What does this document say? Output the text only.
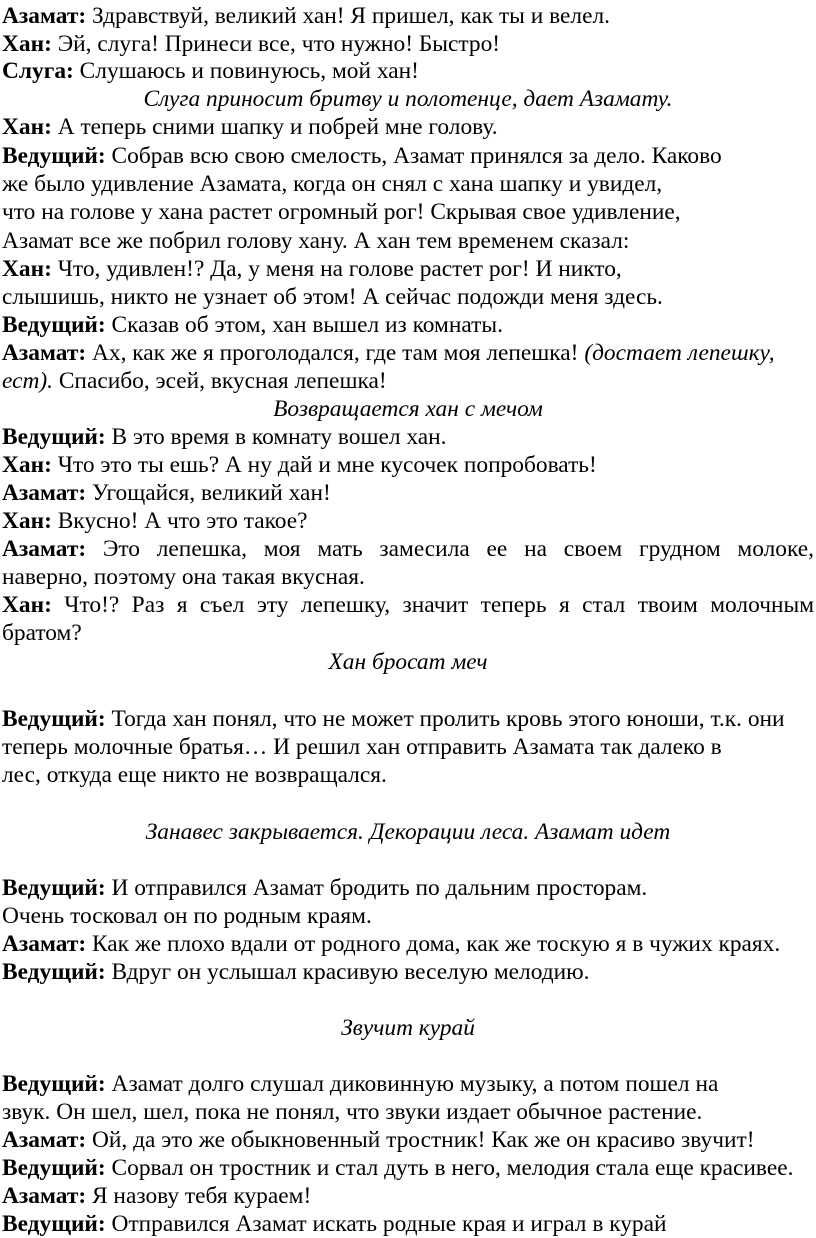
Азамат: Здравствуй, великий хан! Я пришел, как ты и велел.
Хан: Эй, слуга! Принеси все, что нужно! Быстро!
Слуга: Слушаюсь и повинуюсь, мой хан!
Слуга приносит бритву и полотенце, дает Азамату.
Хан: А теперь сними шапку и побрей мне голову.
Ведущий: Собрав всю свою смелость, Азамат принялся за дело. Каково
же было удивление Азамата, когда он снял с хана шапку и увидел,
что на голове у хана растет огромный рог! Скрывая свое удивление,
Азамат все же побрил голову хану. А хан тем временем сказал:
Хан: Что, удивлен!? Да, у меня на голове растет рог! И никто,
слышишь, никто не узнает об этом! А сейчас подожди меня здесь.
Ведущий: Сказав об этом, хан вышел из комнаты.
Азамат: Ах, как же я проголодался, где там моя лепешка! (достает лепешку,
ест). Спасибо, эсей, вкусная лепешка!
Возвращается хан с мечом
Ведущий: В это время в комнату вошел хан.
Хан: Что это ты ешь? А ну дай и мне кусочек попробовать!
Азамат: Угощайся, великий хан!
Хан: Вкусно! А что это такое?
Азамат: Это лепешка, моя мать замесила ее на своем грудном молоке,
наверно, поэтому она такая вкусная.
Хан: Что!? Раз я съел эту лепешку, значит теперь я стал твоим молочным
братом?
Хан бросат меч
Ведущий: Тогда хан понял, что не может пролить кровь этого юноши, т.к. они
теперь молочные братья… И решил хан отправить Азамата так далеко в
лес, откуда еще никто не возвращался.
Занавес закрывается. Декорации леса. Азамат идет
Ведущий: И отправился Азамат бродить по дальним просторам.
Очень тосковал он по родным краям.
Азамат: Как же плохо вдали от родного дома, как же тоскую я в чужих краях.
Ведущий: Вдруг он услышал красивую веселую мелодию.
Звучит курай
Ведущий: Азамат долго слушал диковинную музыку, а потом пошел на
звук. Он шел, шел, пока не понял, что звуки издает обычное растение.
Азамат: Ой, да это же обыкновенный тростник! Как же он красиво звучит!
Ведущий: Сорвал он тростник и стал дуть в него, мелодия стала еще красивее.
Азамат: Я назову тебя кураем!
Ведущий: Отправился Азамат искать родные края и играл в курай
